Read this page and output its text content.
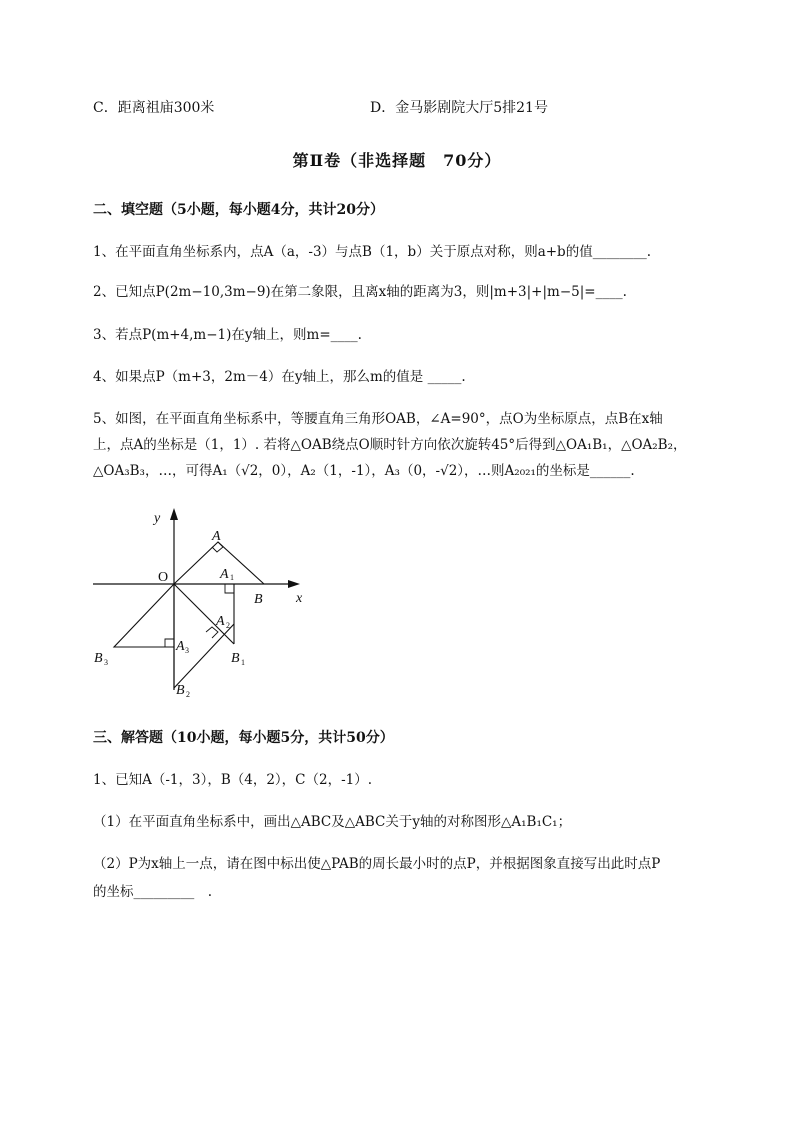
C．距离祖庙300米	D．金马影剧院大厅5排21号
第Ⅱ卷（非选择题　70分）
二、填空题（5小题，每小题4分，共计20分）
1、在平面直角坐标系内，点A（a，-3）与点B（1，b）关于原点对称，则a+b的值________.
2、已知点P(2m−10,3m−9)在第二象限，且离x轴的距离为3，则|m+3|+|m−5|=____.
3、若点P(m+4,m−1)在y轴上，则m=____.
4、如果点P（m+3，2m－4）在y轴上，那么m的值是 _____.
5、如图，在平面直角坐标系中，等腰直角三角形OAB，∠A=90°，点O为坐标原点，点B在x轴
上，点A的坐标是（1，1）. 若将△OAB绕点O顺时针方向依次旋转45°后得到△OA₁B₁，△OA₂B₂，
△OA₃B₃，…，可得A₁（√2，0），A₂（1，-1），A₃（0，-√2），…则A₂₀₂₁的坐标是______.
y
x
O
A
A 1
B
A 2
B 1
A 3
B 3
B 2
三、解答题（10小题，每小题5分，共计50分）
1、已知A（-1，3），B（4，2），C（2，-1）.
（1）在平面直角坐标系中，画出△ABC及△ABC关于y轴的对称图形△A₁B₁C₁；
（2）P为x轴上一点，请在图中标出使△PAB的周长最小时的点P，并根据图象直接写出此时点P
的坐标_________　.
